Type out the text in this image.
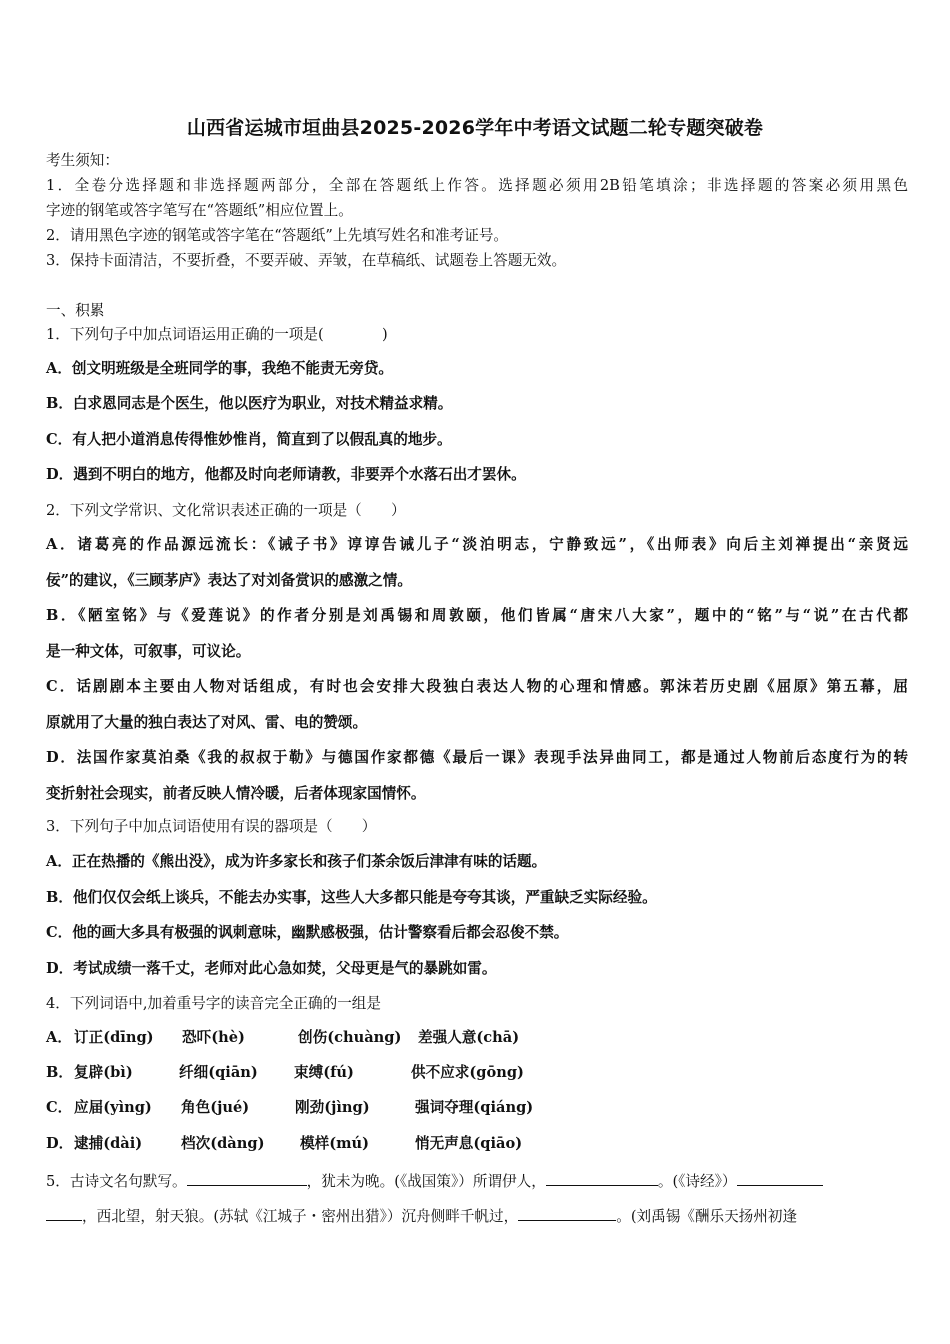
山西省运城市垣曲县2025-2026学年中考语文试题二轮专题突破卷
考生须知：
1．全卷分选择题和非选择题两部分，全部在答题纸上作答。选择题必须用2B铅笔填涂；非选择题的答案必须用黑色
字迹的钢笔或答字笔写在“答题纸”相应位置上。
2．请用黑色字迹的钢笔或答字笔在“答题纸”上先填写姓名和准考证号。
3．保持卡面清洁，不要折叠，不要弄破、弄皱，在草稿纸、试题卷上答题无效。
一、积累
1．下列句子中加点词语运用正确的一项是(　　　　)
A．创文明班级是全班同学的事，我绝不能责无旁贷。
B．白求恩同志是个医生，他以医疗为职业，对技术精益求精。
C．有人把小道消息传得惟妙惟肖，简直到了以假乱真的地步。
D．遇到不明白的地方，他都及时向老师请教，非要弄个水落石出才罢休。
2．下列文学常识、文化常识表述正确的一项是（　　）
A．诸葛亮的作品源远流长：《诫子书》谆谆告诫儿子“淡泊明志，宁静致远”，《出师表》向后主刘禅提出“亲贤远
佞”的建议，《三顾茅庐》表达了对刘备赏识的感激之情。
B．《陋室铭》与《爱莲说》的作者分别是刘禹锡和周敦颐，他们皆属“唐宋八大家”，题中的“铭”与“说”在古代都
是一种文体，可叙事，可议论。
C．话剧剧本主要由人物对话组成，有时也会安排大段独白表达人物的心理和情感。郭沫若历史剧《屈原》第五幕，屈
原就用了大量的独白表达了对风、雷、电的赞颂。
D．法国作家莫泊桑《我的叔叔于勒》与德国作家都德《最后一课》表现手法异曲同工，都是通过人物前后态度行为的转
变折射社会现实，前者反映人情冷暖，后者体现家国情怀。
3．下列句子中加点词语使用有误的器项是（　　）
A．正在热播的《熊出没》，成为许多家长和孩子们茶余饭后津津有味的话题。
B．他们仅仅会纸上谈兵，不能去办实事，这些人大多都只能是夸夸其谈，严重缺乏实际经验。
C．他的画大多具有极强的讽刺意味，幽默感极强，估计警察看后都会忍俊不禁。
D．考试成绩一落千丈，老师对此心急如焚，父母更是气的暴跳如雷。
4．下列词语中,加着重号字的读音完全正确的一组是
A． 订正(dīng) 恐吓(hè)	创伤(chuàng) 差强人意(chā)
B． 复辟(bì)	纤细(qiān) 束缚(fú)	供不应求(gōng)
C． 应届(yìng) 角色(jué)	刚劲(jìng)	强词夺理(qiáng)
D． 逮捕(dài)	档次(dàng) 模样(mú)	悄无声息(qiāo)
5．古诗文名句默写。	，犹未为晚。(《战国策》）所谓伊人，	。(《诗经》）
，西北望，射天狼。(苏轼《江城子・密州出猎》）沉舟侧畔千帆过，	。(刘禹锡《酬乐天扬州初逢
